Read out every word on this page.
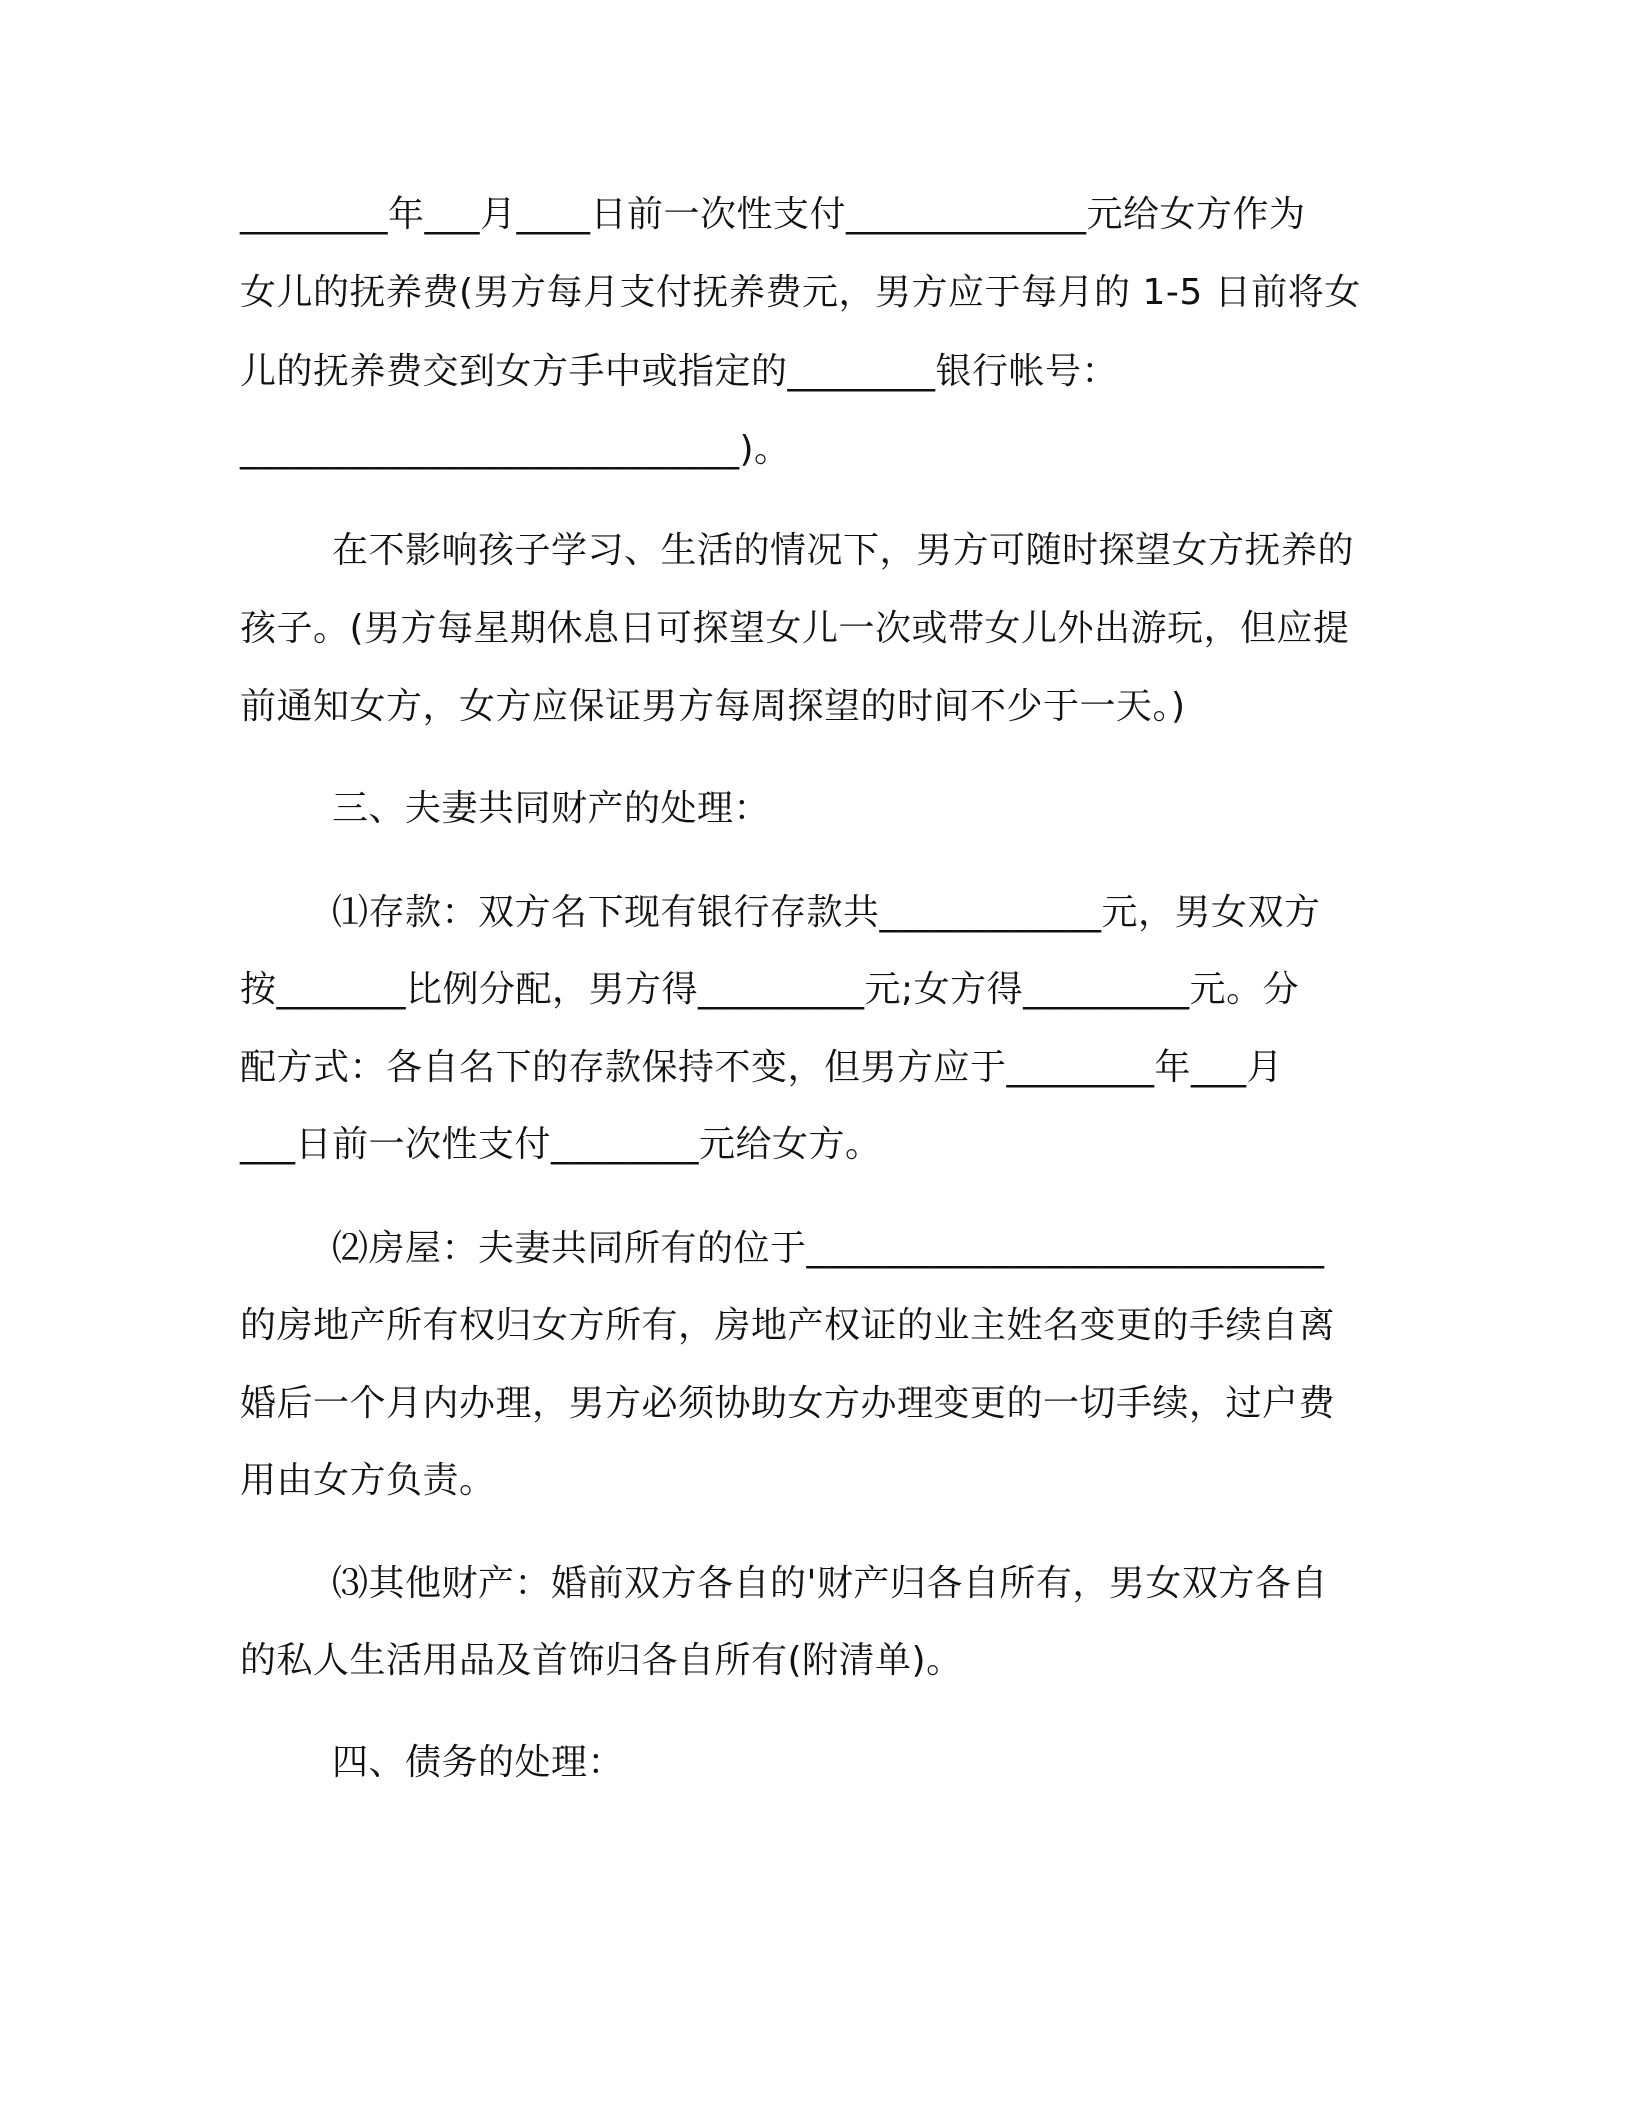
________年___月____日前一次性支付_____________元给女方作为
女儿的抚养费(男方每月支付抚养费元，男方应于每月的 1-5 日前将女
儿的抚养费交到女方手中或指定的________银行帐号：
___________________________)。
在不影响孩子学习、生活的情况下，男方可随时探望女方抚养的
孩子。(男方每星期休息日可探望女儿一次或带女儿外出游玩，但应提
前通知女方，女方应保证男方每周探望的时间不少于一天。)
三、夫妻共同财产的处理：
⑴存款：双方名下现有银行存款共____________元，男女双方
按_______比例分配，男方得_________元;女方得_________元。分
配方式：各自名下的存款保持不变，但男方应于________年___月
___日前一次性支付________元给女方。
⑵房屋：夫妻共同所有的位于____________________________
的房地产所有权归女方所有，房地产权证的业主姓名变更的手续自离
婚后一个月内办理，男方必须协助女方办理变更的一切手续，过户费
用由女方负责。
⑶其他财产：婚前双方各自的'财产归各自所有，男女双方各自
的私人生活用品及首饰归各自所有(附清单)。
四、债务的处理：
